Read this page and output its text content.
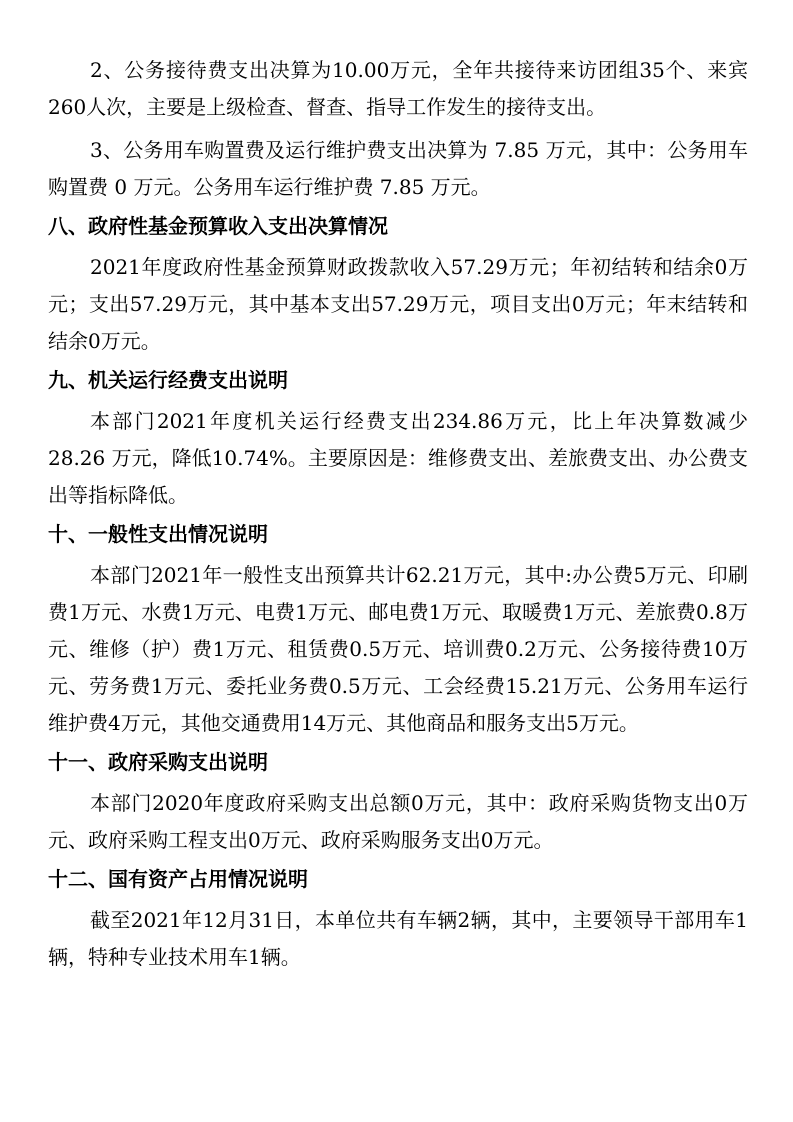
2、公务接待费支出决算为10.00万元，全年共接待来访团组35个、来宾260人次，主要是上级检查、督查、指导工作发生的接待支出。

3、公务用车购置费及运行维护费支出决算为 7.85 万元，其中：公务用车购置费 0 万元。公务用车运行维护费 7.85 万元。

八、政府性基金预算收入支出决算情况

2021年度政府性基金预算财政拨款收入57.29万元；年初结转和结余0万元；支出57.29万元，其中基本支出57.29万元，项目支出0万元；年末结转和结余0万元。

九、机关运行经费支出说明

本部门2021年度机关运行经费支出234.86万元，比上年决算数减少 28.26 万元，降低10.74%。主要原因是：维修费支出、差旅费支出、办公费支出等指标降低。

十、一般性支出情况说明

本部门2021年一般性支出预算共计62.21万元，其中:办公费5万元、印刷费1万元、水费1万元、电费1万元、邮电费1万元、取暖费1万元、差旅费0.8万元、维修（护）费1万元、租赁费0.5万元、培训费0.2万元、公务接待费10万元、劳务费1万元、委托业务费0.5万元、工会经费15.21万元、公务用车运行维护费4万元，其他交通费用14万元、其他商品和服务支出5万元。

十一、政府采购支出说明

本部门2020年度政府采购支出总额0万元，其中：政府采购货物支出0万元、政府采购工程支出0万元、政府采购服务支出0万元。

十二、国有资产占用情况说明

截至2021年12月31日，本单位共有车辆2辆，其中，主要领导干部用车1辆，特种专业技术用车1辆。
